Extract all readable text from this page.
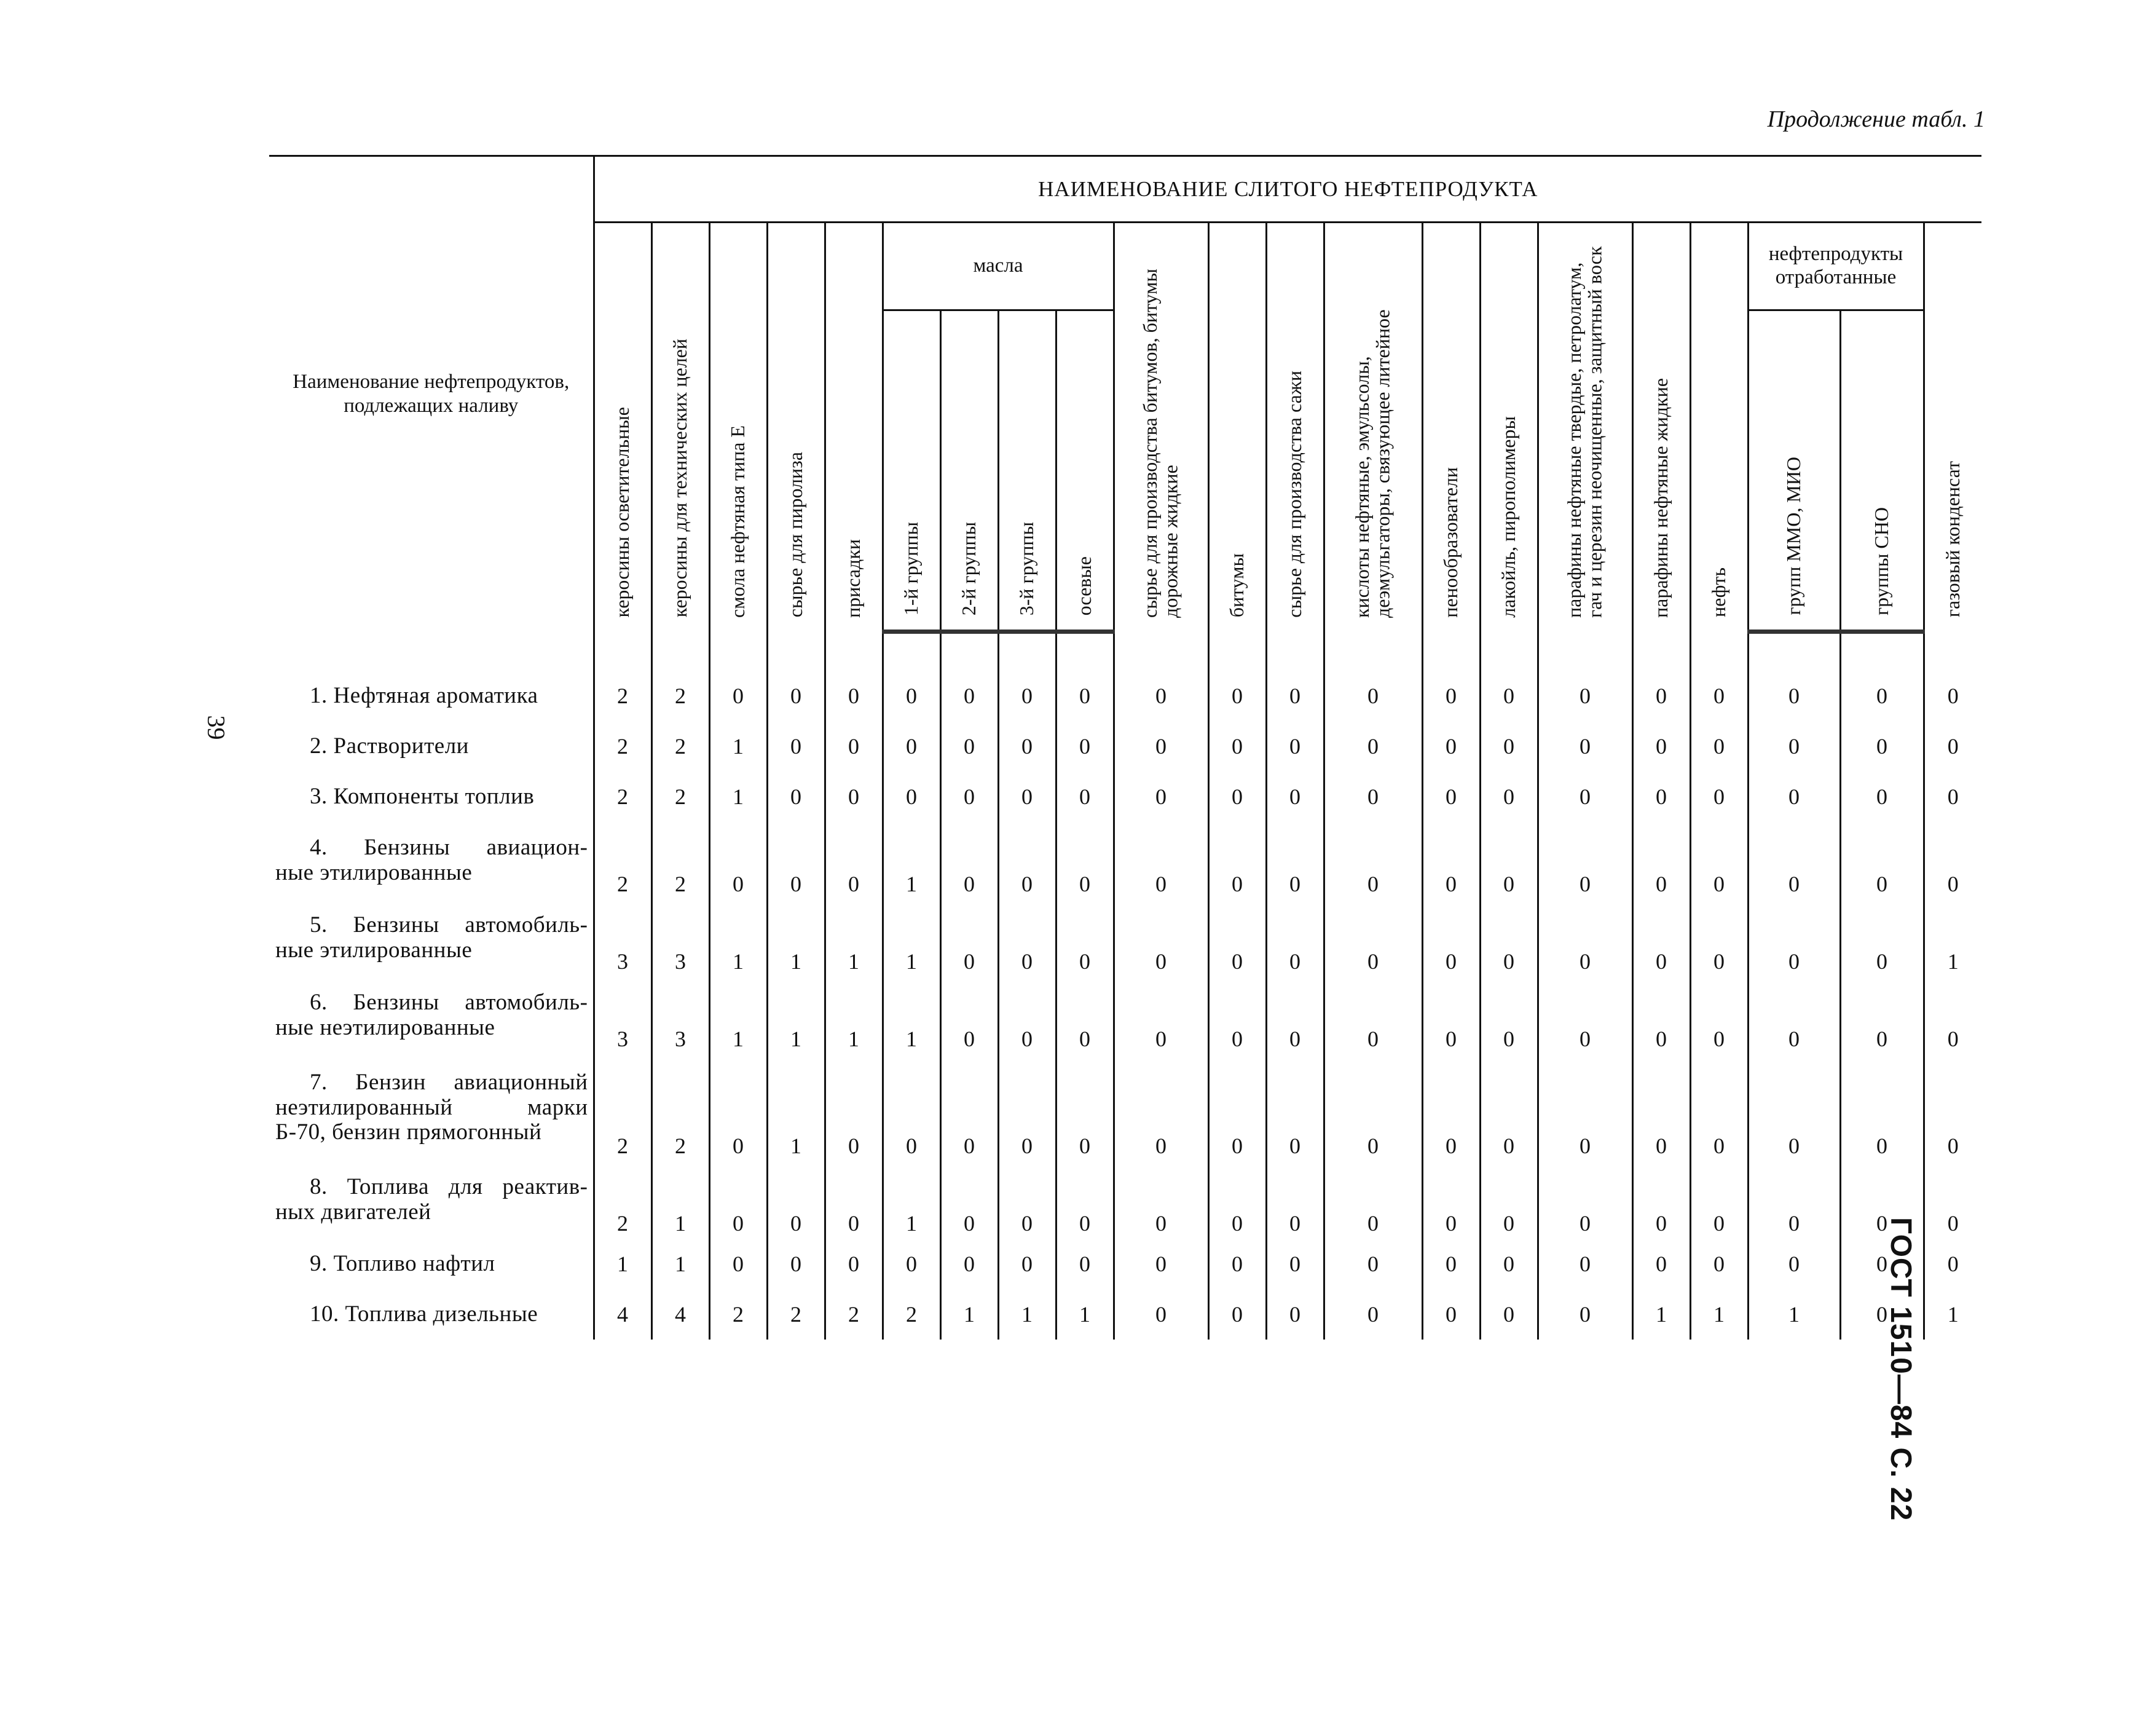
Продолжение табл. 1
39
ГОСТ 1510—84 С. 22
Наименование нефтепродуктов, подлежащих наливу	НАИМЕНОВАНИЕ СЛИТОГО НЕФТЕПРОДУКТА																				
	керосины осветительные	керосины для технических целей	смола нефтяная типа Е	сырье для пиролиза	присадки	масла				сырье для производства битумов, битумы дорожные жидкие	битумы	сырье для производства сажи	кислоты нефтяные, эмульсолы, деэмульгаторы, связующее литейное	пенообразователи	лакойль, пирополимеры	парафины нефтяные твердые, петролатум, гач и церезин неочищенные, защитный воск	парафины нефтяные жидкие	нефть	нефтепродукты отработанные		газовый конденсат
						1-й группы	2-й группы	3-й группы	осевые										групп ММО, МИО	группы СНО	

1. Нефтяная ароматика	2	2	0	0	0	0	0	0	0	0	0	0	0	0	0	0	0	0	0	0	0

2. Растворители	2	2	1	0	0	0	0	0	0	0	0	0	0	0	0	0	0	0	0	0	0

3. Компоненты топлив	2	2	1	0	0	0	0	0	0	0	0	0	0	0	0	0	0	0	0	0	0

4. Бензины авиацион-
ные этилированные	2	2	0	0	0	1	0	0	0	0	0	0	0	0	0	0	0	0	0	0	0

5. Бензины автомобиль-
ные этилированные	3	3	1	1	1	1	0	0	0	0	0	0	0	0	0	0	0	0	0	0	1

6. Бензины автомобиль-
ные неэтилированные	3	3	1	1	1	1	0	0	0	0	0	0	0	0	0	0	0	0	0	0	0

7. Бензин авиационный
неэтилированный марки
Б-70, бензин прямогонный	2	2	0	1	0	0	0	0	0	0	0	0	0	0	0	0	0	0	0	0	0

8. Топлива для реактив-
ных двигателей	2	1	0	0	0	1	0	0	0	0	0	0	0	0	0	0	0	0	0	0	0

9. Топливо нафтил	1	1	0	0	0	0	0	0	0	0	0	0	0	0	0	0	0	0	0	0	0

10. Топлива дизельные	4	4	2	2	2	2	1	1	1	0	0	0	0	0	0	0	1	1	1	0	1
